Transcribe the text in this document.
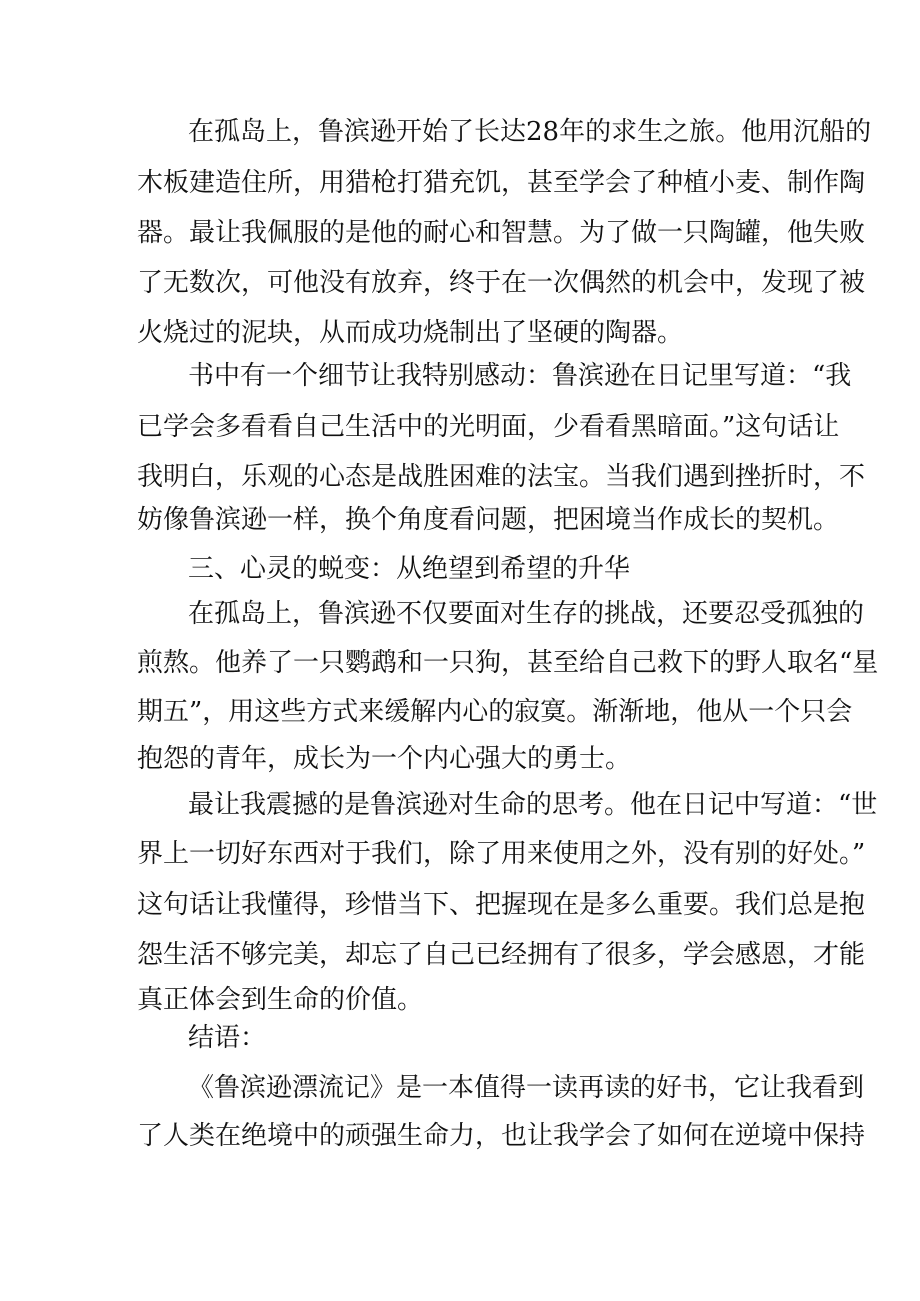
在孤岛上，鲁滨逊开始了长达28年的求生之旅。他用沉船的

木板建造住所，用猎枪打猎充饥，甚至学会了种植小麦、制作陶

器。最让我佩服的是他的耐心和智慧。为了做一只陶罐，他失败

了无数次，可他没有放弃，终于在一次偶然的机会中，发现了被

火烧过的泥块，从而成功烧制出了坚硬的陶器。

书中有一个细节让我特别感动：鲁滨逊在日记里写道：“我

已学会多看看自己生活中的光明面，少看看黑暗面。”这句话让

我明白，乐观的心态是战胜困难的法宝。当我们遇到挫折时，不

妨像鲁滨逊一样，换个角度看问题，把困境当作成长的契机。

三、心灵的蜕变：从绝望到希望的升华

在孤岛上，鲁滨逊不仅要面对生存的挑战，还要忍受孤独的

煎熬。他养了一只鹦鹉和一只狗，甚至给自己救下的野人取名“星

期五”，用这些方式来缓解内心的寂寞。渐渐地，他从一个只会

抱怨的青年，成长为一个内心强大的勇士。

最让我震撼的是鲁滨逊对生命的思考。他在日记中写道：“世

界上一切好东西对于我们，除了用来使用之外，没有别的好处。”

这句话让我懂得，珍惜当下、把握现在是多么重要。我们总是抱

怨生活不够完美，却忘了自己已经拥有了很多，学会感恩，才能

真正体会到生命的价值。

结语：

《鲁滨逊漂流记》是一本值得一读再读的好书，它让我看到

了人类在绝境中的顽强生命力，也让我学会了如何在逆境中保持
